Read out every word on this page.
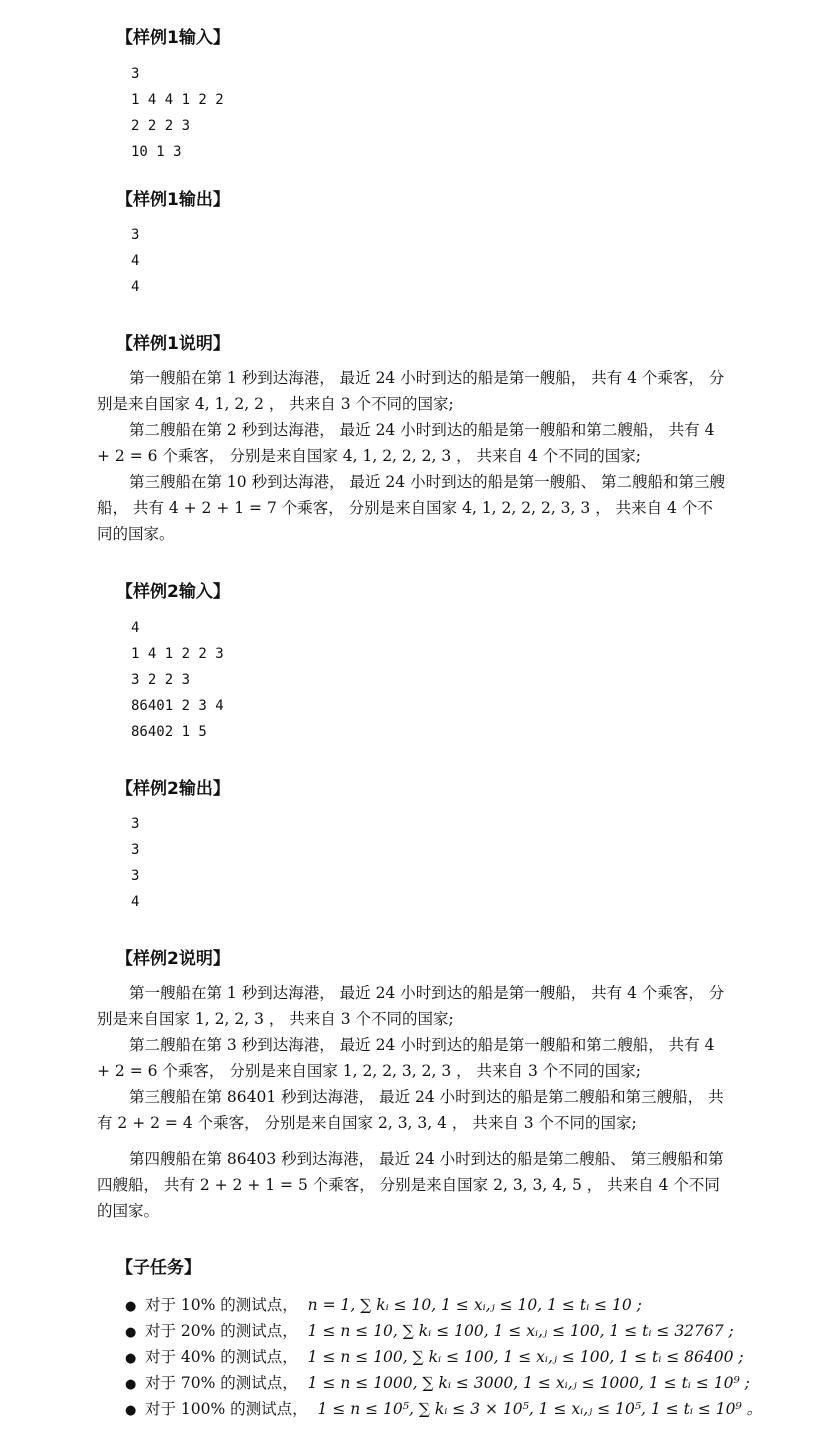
【样例1输入】
3
1 4 4 1 2 2
2 2 2 3
10 1 3
【样例1输出】
3
4
4
【样例1说明】

第一艘船在第 1 秒到达海港， 最近 24 小时到达的船是第一艘船， 共有 4 个乘客， 分别是来自国家 4, 1, 2, 2 ， 共来自 3 个不同的国家;

第二艘船在第 2 秒到达海港， 最近 24 小时到达的船是第一艘船和第二艘船， 共有 4 + 2 = 6 个乘客， 分别是来自国家 4, 1, 2, 2, 2, 3 ， 共来自 4 个不同的国家;

第三艘船在第 10 秒到达海港， 最近 24 小时到达的船是第一艘船、 第二艘船和第三艘船， 共有 4 + 2 + 1 = 7 个乘客， 分别是来自国家 4, 1, 2, 2, 2, 3, 3 ， 共来自 4 个不同的国家。

【样例2输入】
4
1 4 1 2 2 3
3 2 2 3
86401 2 3 4
86402 1 5
【样例2输出】
3
3
3
4
【样例2说明】

第一艘船在第 1 秒到达海港， 最近 24 小时到达的船是第一艘船， 共有 4 个乘客， 分别是来自国家 1, 2, 2, 3 ， 共来自 3 个不同的国家;

第二艘船在第 3 秒到达海港， 最近 24 小时到达的船是第一艘船和第二艘船， 共有 4 + 2 = 6 个乘客， 分别是来自国家 1, 2, 2, 3, 2, 3 ， 共来自 3 个不同的国家;

第三艘船在第 86401 秒到达海港， 最近 24 小时到达的船是第二艘船和第三艘船， 共有 2 + 2 = 4 个乘客， 分别是来自国家 2, 3, 3, 4 ， 共来自 3 个不同的国家;

第四艘船在第 86403 秒到达海港， 最近 24 小时到达的船是第二艘船、 第三艘船和第四艘船， 共有 2 + 2 + 1 = 5 个乘客， 分别是来自国家 2, 3, 3, 4, 5 ， 共来自 4 个不同的国家。

【子任务】
● 对于 10% 的测试点， n = 1, ∑ kᵢ ≤ 10, 1 ≤ xᵢ,ⱼ ≤ 10, 1 ≤ tᵢ ≤ 10 ;
● 对于 20% 的测试点， 1 ≤ n ≤ 10, ∑ kᵢ ≤ 100, 1 ≤ xᵢ,ⱼ ≤ 100, 1 ≤ tᵢ ≤ 32767 ;
● 对于 40% 的测试点， 1 ≤ n ≤ 100, ∑ kᵢ ≤ 100, 1 ≤ xᵢ,ⱼ ≤ 100, 1 ≤ tᵢ ≤ 86400 ;
● 对于 70% 的测试点， 1 ≤ n ≤ 1000, ∑ kᵢ ≤ 3000, 1 ≤ xᵢ,ⱼ ≤ 1000, 1 ≤ tᵢ ≤ 10⁹ ;
● 对于 100% 的测试点， 1 ≤ n ≤ 10⁵, ∑ kᵢ ≤ 3 × 10⁵, 1 ≤ xᵢ,ⱼ ≤ 10⁵, 1 ≤ tᵢ ≤ 10⁹ 。
